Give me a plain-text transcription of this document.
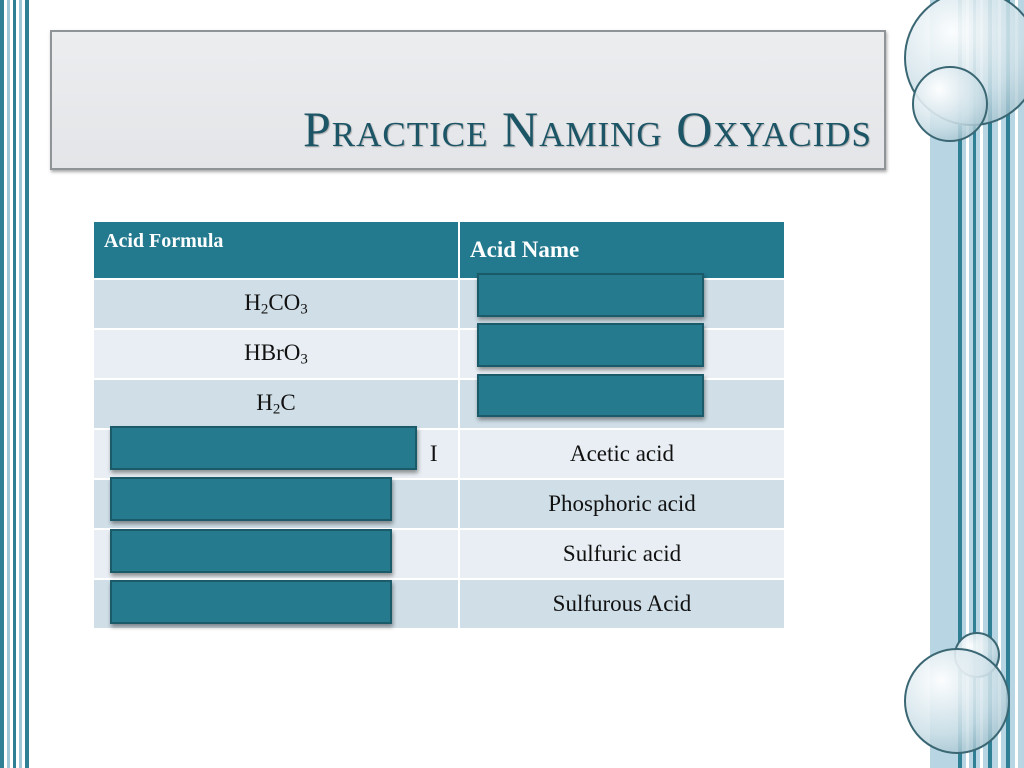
Practice Naming Oxyacids
Acid Formula	Acid Name
$H_2CO_3$	
HBrO$_3$	
$H_2C$	
I	Acetic acid
	Phosphoric acid
	Sulfuric acid
	Sulfurous Acid
